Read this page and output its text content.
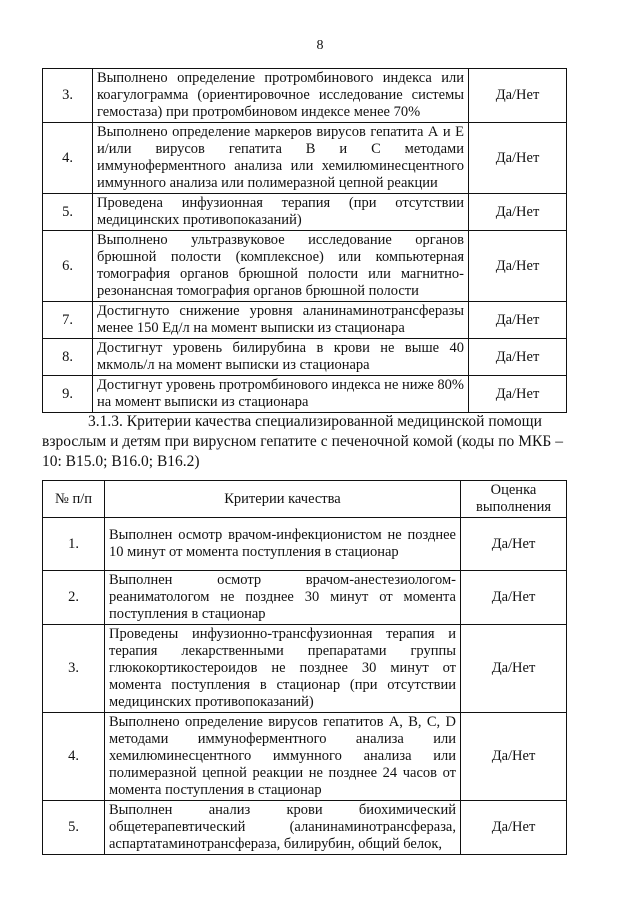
8
3.	Выполнено определение протромбинового индекса или коагулограмма (ориентировочное исследование системы гемостаза) при протромбиновом индексе менее 70%	Да/Нет
4.	Выполнено определение маркеров вирусов гепатита А и Е и/или вирусов гепатита В и С методами иммуноферментного анализа или хемилюминесцентного иммунного анализа или полимеразной цепной реакции	Да/Нет
5.	Проведена инфузионная терапия (при отсутствии медицинских противопоказаний)	Да/Нет
6.	Выполнено ультразвуковое исследование органов брюшной полости (комплексное) или компьютерная томография органов брюшной полости или магнитно-резонансная томография органов брюшной полости	Да/Нет
7.	Достигнуто снижение уровня аланинаминотрансферазы менее 150 Ед/л на момент выписки из стационара	Да/Нет
8.	Достигнут уровень билирубина в крови не выше 40 мкмоль/л на момент выписки из стационара	Да/Нет
9.	Достигнут уровень протромбинового индекса не ниже 80% на момент выписки из стационара	Да/Нет
3.1.3. Критерии качества специализированной медицинской помощи
взрослым и детям при вирусном гепатите с печеночной комой (коды по МКБ – 10: В15.0; В16.0; В16.2)
№ п/п	Критерии качества	Оценка выполнения
1.	Выполнен осмотр врачом-инфекционистом не позднее 10 минут от момента поступления в стационар	Да/Нет
2.	Выполнен осмотр врачом-анестезиологом-реаниматологом не позднее 30 минут от момента поступления в стационар	Да/Нет
3.	Проведены инфузионно-трансфузионная терапия и терапия лекарственными препаратами группы глюкокортикостероидов не позднее 30 минут от момента поступления в стационар (при отсутствии медицинских противопоказаний)	Да/Нет
4.	Выполнено определение вирусов гепатитов А, В, С, D методами иммуноферментного анализа или хемилюминесцентного иммунного анализа или полимеразной цепной реакции не позднее 24 часов от момента поступления в стационар	Да/Нет
5.	Выполнен анализ крови биохимический общетерапевтический (аланинаминотрансфераза, аспартатаминотрансфераза, билирубин, общий белок,	Да/Нет
